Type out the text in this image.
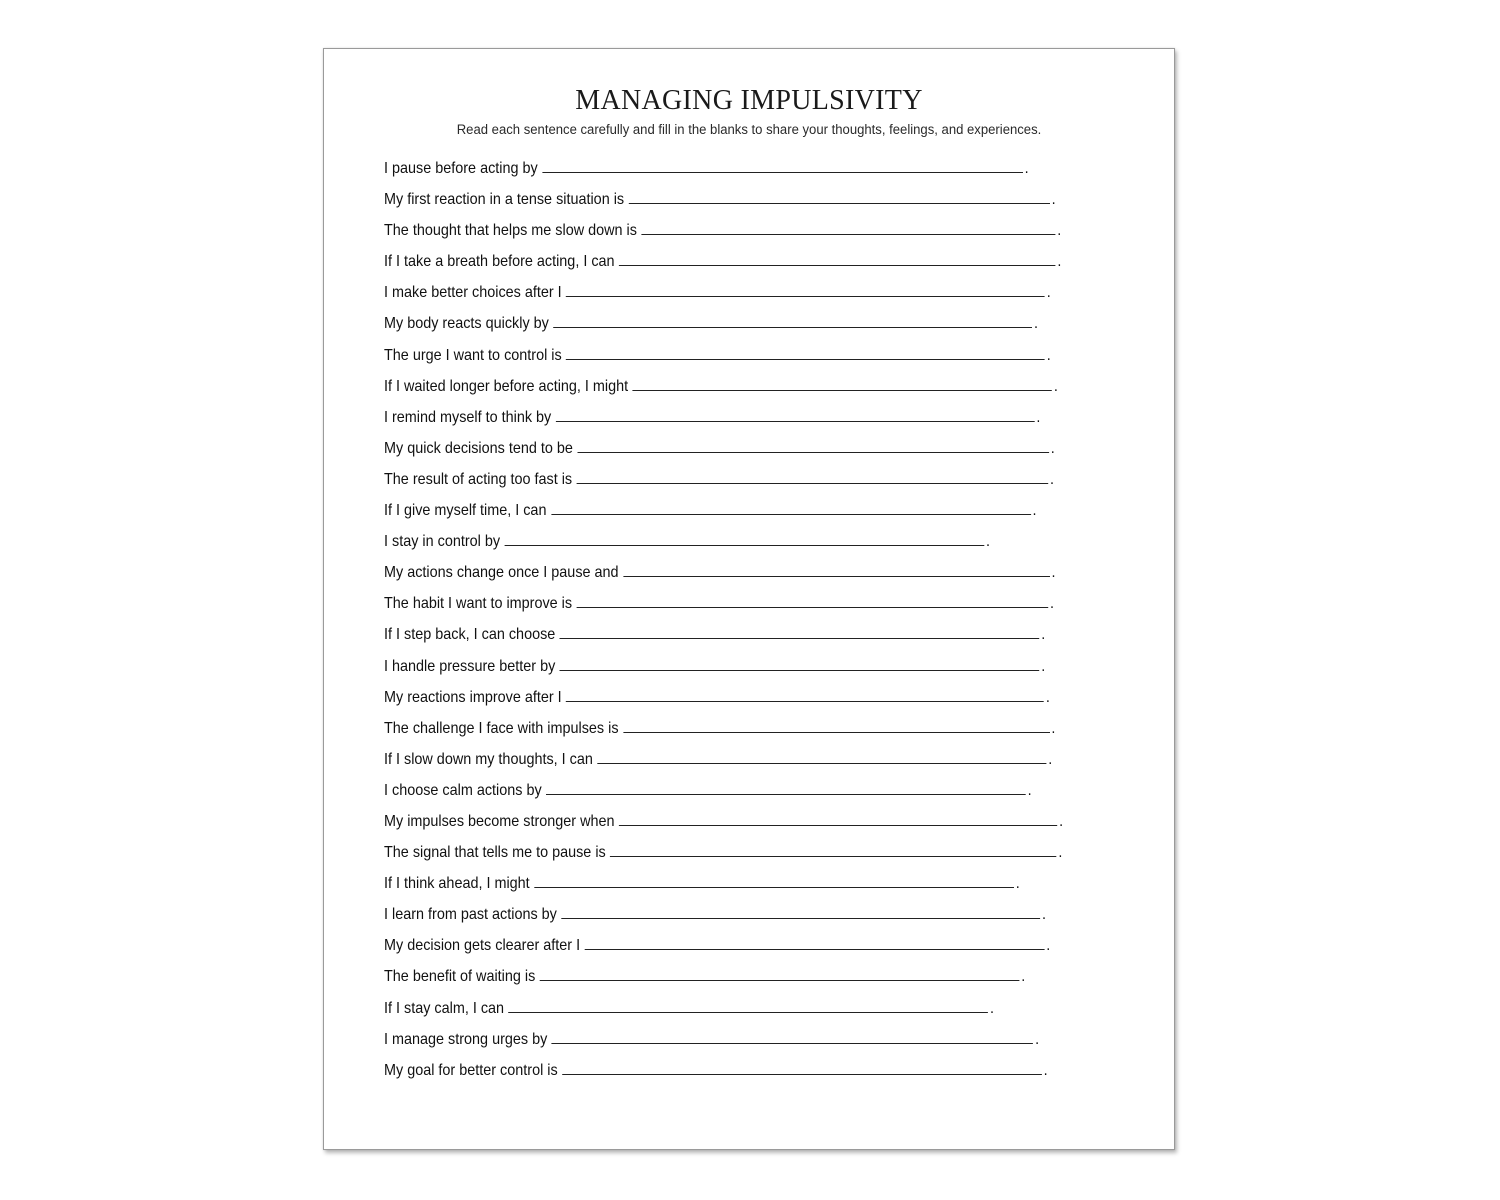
MANAGING IMPULSIVITY

Read each sentence carefully and fill in the blanks to share your thoughts, feelings, and experiences.

I pause before acting by	.
My first reaction in a tense situation is	.
The thought that helps me slow down is	.
If I take a breath before acting, I can	.
I make better choices after I	.
My body reacts quickly by	.
The urge I want to control is	.
If I waited longer before acting, I might	.
I remind myself to think by	.
My quick decisions tend to be	.
The result of acting too fast is	.
If I give myself time, I can	.
I stay in control by	.
My actions change once I pause and	.
The habit I want to improve is	.
If I step back, I can choose	.
I handle pressure better by	.
My reactions improve after I	.
The challenge I face with impulses is	.
If I slow down my thoughts, I can	.
I choose calm actions by	.
My impulses become stronger when	.
The signal that tells me to pause is	.
If I think ahead, I might	.
I learn from past actions by	.
My decision gets clearer after I	.
The benefit of waiting is	.
If I stay calm, I can	.
I manage strong urges by	.
My goal for better control is	.
